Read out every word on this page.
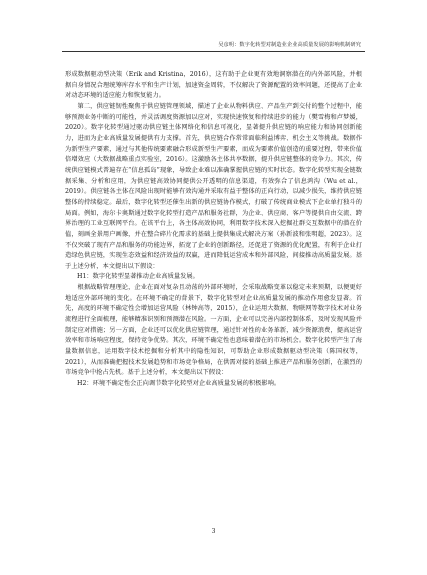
吴彦明：数字化转型对制造业企业高质量发展的影响机制研究

形成数据驱动型决策（Erik and Kristina，2016），这有助于企业更有效地洞察潜在的内外部风险，并根据自身情况合理统筹库存水平和生产计划，加速资金周转，不仅解决了资源配置的效率问题，还提高了企业对动态环境的适应能力和恢复能力。

第二，供应链韧性聚焦于供应链管理领域，描述了企业从物料供应、产品生产到交付的整个过程中，能够预测业务中断的可能性，并灵活调度资源加以应对，实现快速恢复和持续进步的能力（樊雪梅和卢梦媛，2020）。数字化转型通过驱动供应链主体网络化和信息可视化，显著提升供应链的响应能力和协同创新能力，进而为企业高质量发展提供有力支撑。首先，供应链合作常常面临利益博弈、机会主义等挑战。数据作为新型生产要素，通过与其他传统要素融合形成新型生产要素，而成为要素价值创造的重要过程，带来价值倍增效应（大数据战略重点实验室，2016）。这激励各主体共享数据，提升供应链整体的竞争力。其次，传统供应链模式普遍存在“信息孤岛”现象，导致企业难以准确掌握供应链的实时状态。数字化转型实现全链数据采集、分析和应用，为供应链高效协同提供公开透明的信息渠道，有效弥合了信息鸿沟（Wu et al.，2019）。供应链各主体在风险出现时能够有效沟通并采取有益于整体的正向行动，以减少损失，维持供应链整体的持续稳定。最后，数字化转型还催生出新的供应链协作模式，打破了传统商业模式下企业单打独斗的局面。例如，海尔卡奥斯通过数字化转型打造产品和服务社群，为企业、供应商、客户等提供自由交流、跨界治理的工业互联网平台。在该平台上，各主体高效协同，利用数字技术深入挖掘社群交互数据中的潜在价值，刻画全景用户画像，并在整合碎片化需求的基础上提供集成式解决方案（孙新波和张明超，2023）。这不仅突破了现有产品和服务的功能边界，拓宽了企业的创新路径，还促进了资源的优化配置，有利于企业打造绿色供应链，实现生态效益和经济效益的双赢，进而降低运营成本和外部风险，间接推动高质量发展。基于上述分析，本文提出以下假设：

H1：数字化转型显著推动企业高质量发展。

根据战略管理理论，企业在面对复杂且动荡的外部环境时，会采取战略变革以稳定未来预期，以便更好地适应外部环境的变化。在环境不确定的背景下，数字化转型对企业高质量发展的推动作用愈发显著。首先，高度的环境不确定性会增加运营风险（林钟高等，2015），企业运用大数据、物联网等数字技术对业务流程进行全面梳理，能够精准识别和预测潜在风险。一方面，企业可以完善内部控制体系，及时发现风险并制定应对措施；另一方面，企业还可以优化供应链管理，通过针对性的业务革新，减少资源浪费，提高运营效率和市场响应程度，保持竞争优势。其次，环境不确定性也意味着潜在的市场机会。数字化转型产生了海量数据信息，运用数字技术挖掘和分析其中的隐性知识，可帮助企业形成数据驱动型决策（陈国权等，2021），从而准确把握技术发展趋势和市场竞争格局，在供需对接的基础上推进产品和服务创新，在激烈的市场竞争中抢占先机。基于上述分析，本文提出以下假设：

H2：环境不确定性会正向调节数字化转型对企业高质量发展的积极影响。

3
